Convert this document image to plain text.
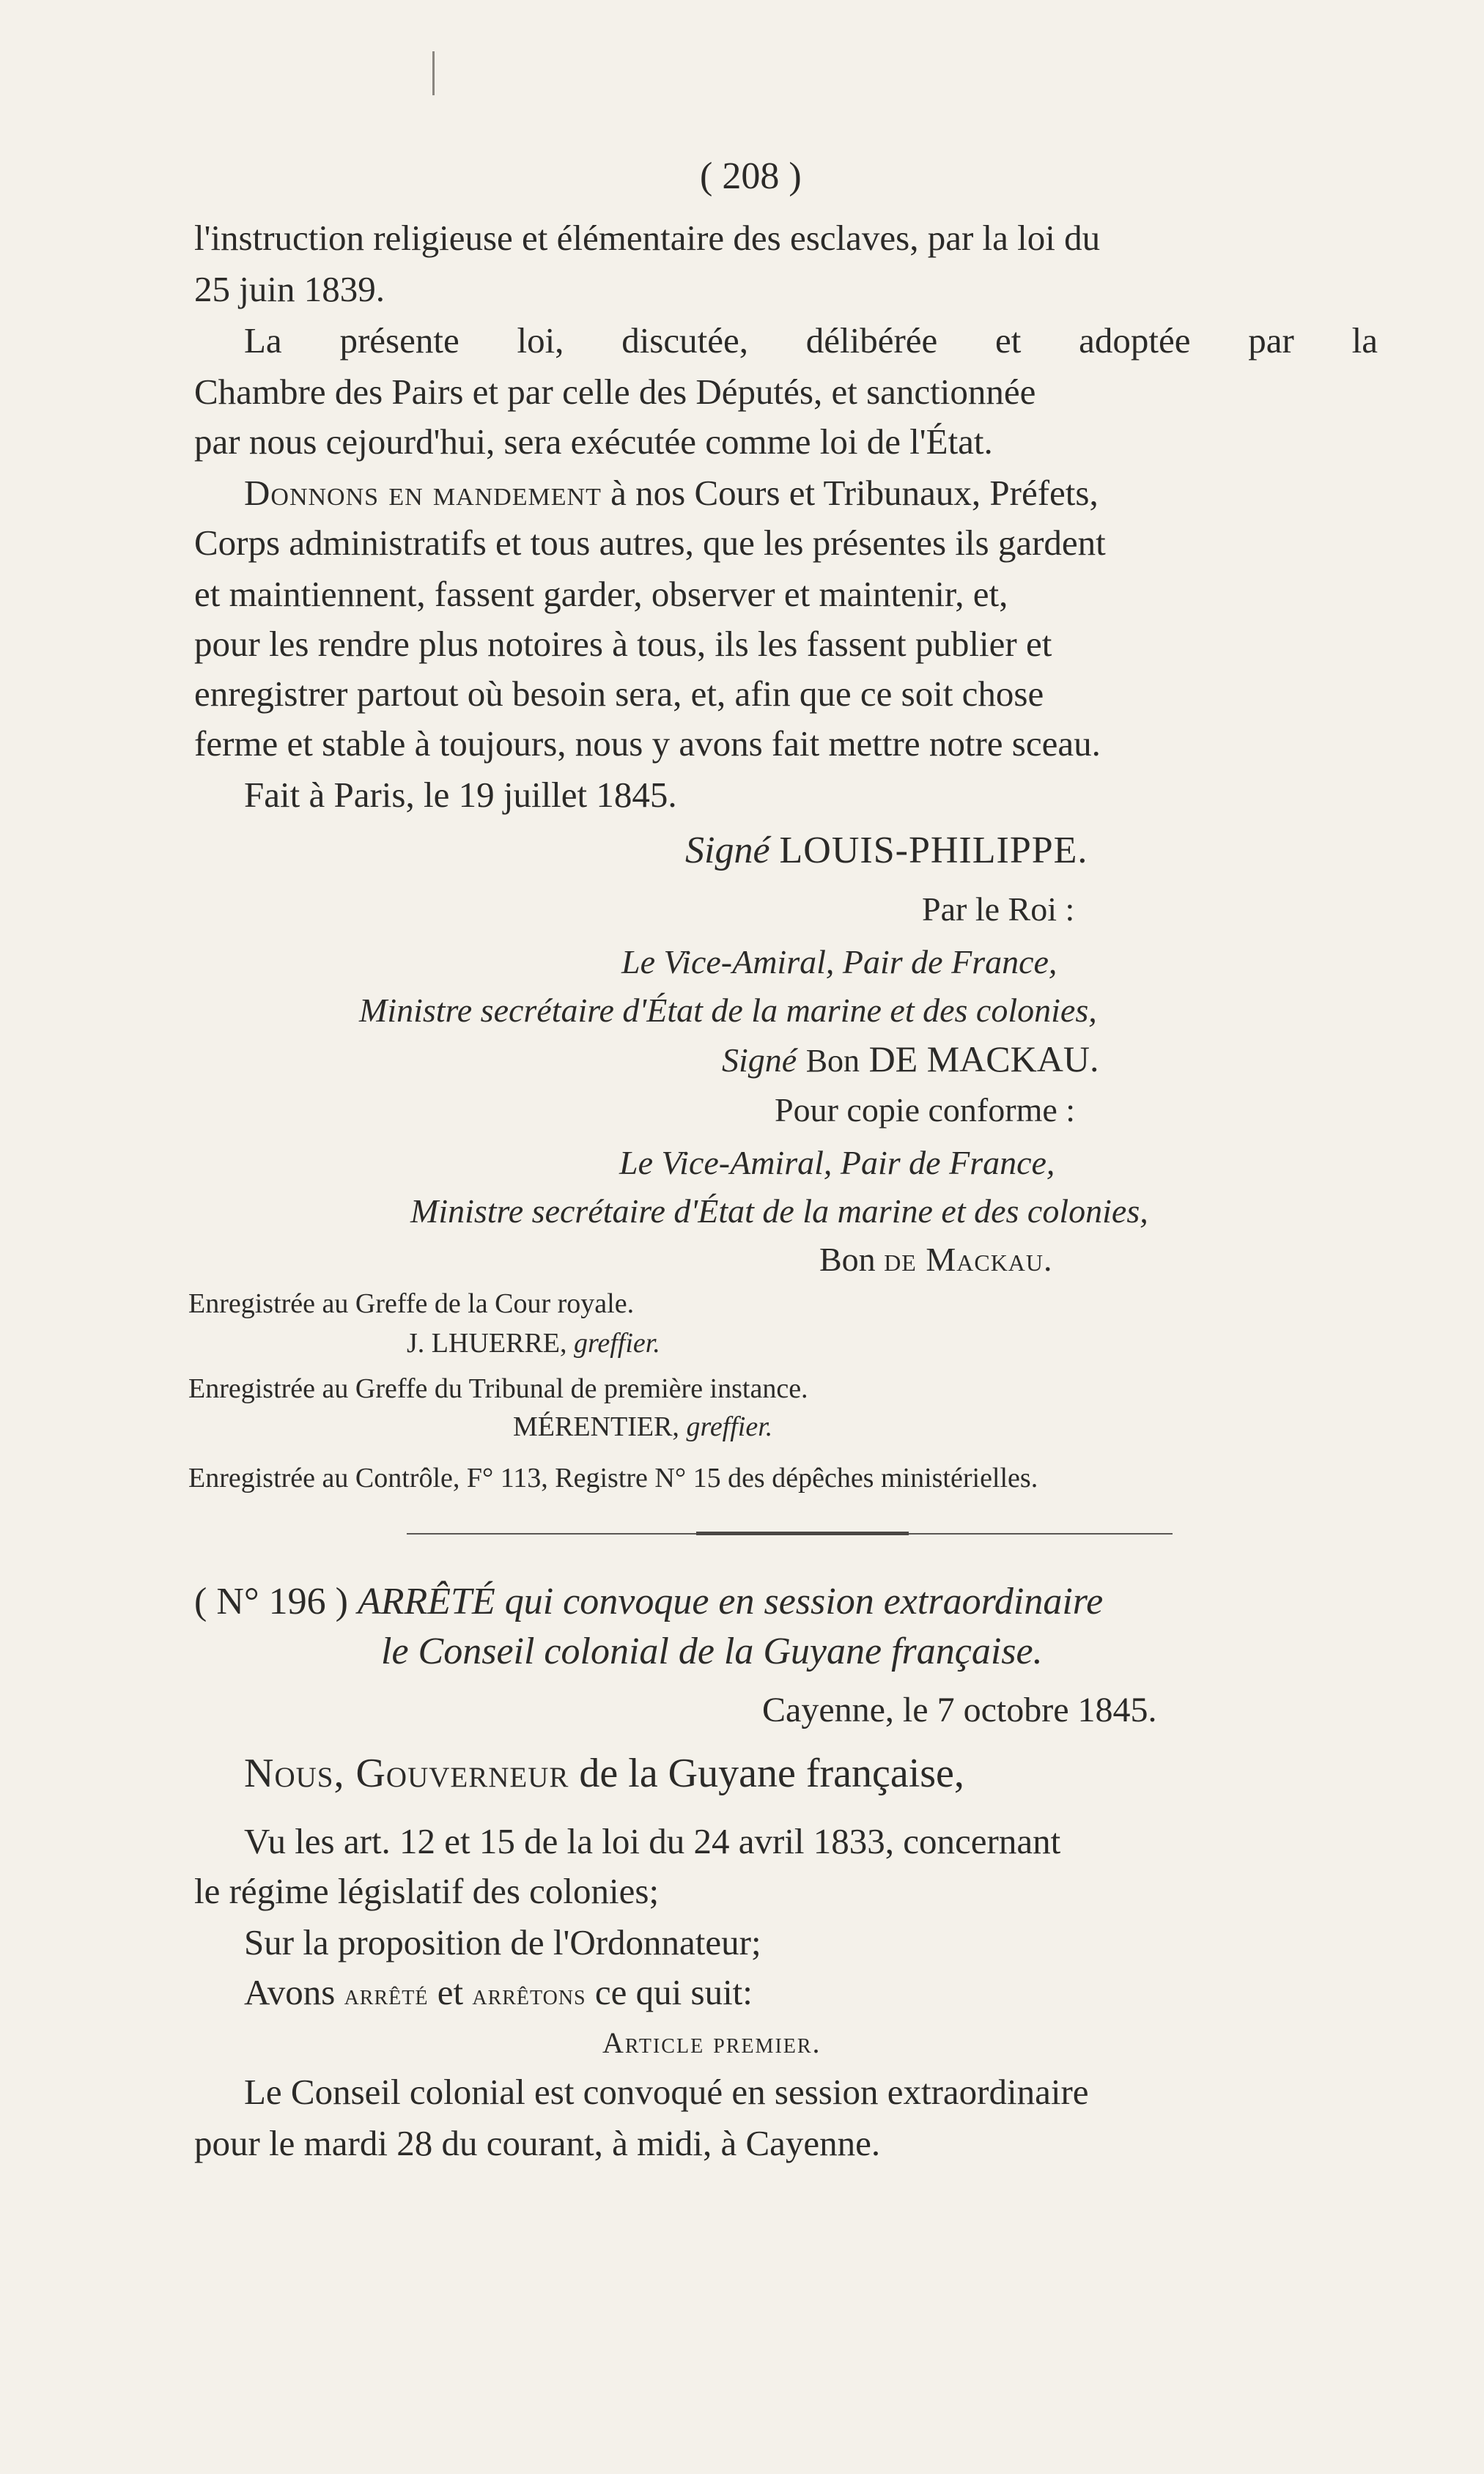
( 208 )
l'instruction religieuse et élémentaire des esclaves, par la loi du
25 juin 1839.
La présente loi, discutée, délibérée et adoptée par la
Chambre des Pairs et par celle des Députés, et sanctionnée
par nous cejourd'hui, sera exécutée comme loi de l'État.
Donnons en mandement à nos Cours et Tribunaux, Préfets,
Corps administratifs et tous autres, que les présentes ils gardent
et maintiennent, fassent garder, observer et maintenir, et,
pour les rendre plus notoires à tous, ils les fassent publier et
enregistrer partout où besoin sera, et, afin que ce soit chose
ferme et stable à toujours, nous y avons fait mettre notre sceau.
Fait à Paris, le 19 juillet 1845.
Signé LOUIS-PHILIPPE.
Par le Roi :
Le Vice-Amiral, Pair de France,
Ministre secrétaire d'État de la marine et des colonies,
Signé Bon DE MACKAU.
Pour copie conforme :
Le Vice-Amiral, Pair de France,
Ministre secrétaire d'État de la marine et des colonies,
Bon de Mackau.
Enregistrée au Greffe de la Cour royale.
J. LHUERRE, greffier.
Enregistrée au Greffe du Tribunal de première instance.
MÉRENTIER, greffier.
Enregistrée au Contrôle, F° 113, Registre N° 15 des dépêches ministérielles.
( N° 196 ) ARRÊTÉ qui convoque en session extraordinaire
le Conseil colonial de la Guyane française.
Cayenne, le 7 octobre 1845.
Nous, Gouverneur de la Guyane française,
Vu les art. 12 et 15 de la loi du 24 avril 1833, concernant
le régime législatif des colonies;
Sur la proposition de l'Ordonnateur;
Avons arrêté et arrêtons ce qui suit:
Article premier.
Le Conseil colonial est convoqué en session extraordinaire
pour le mardi 28 du courant, à midi, à Cayenne.
